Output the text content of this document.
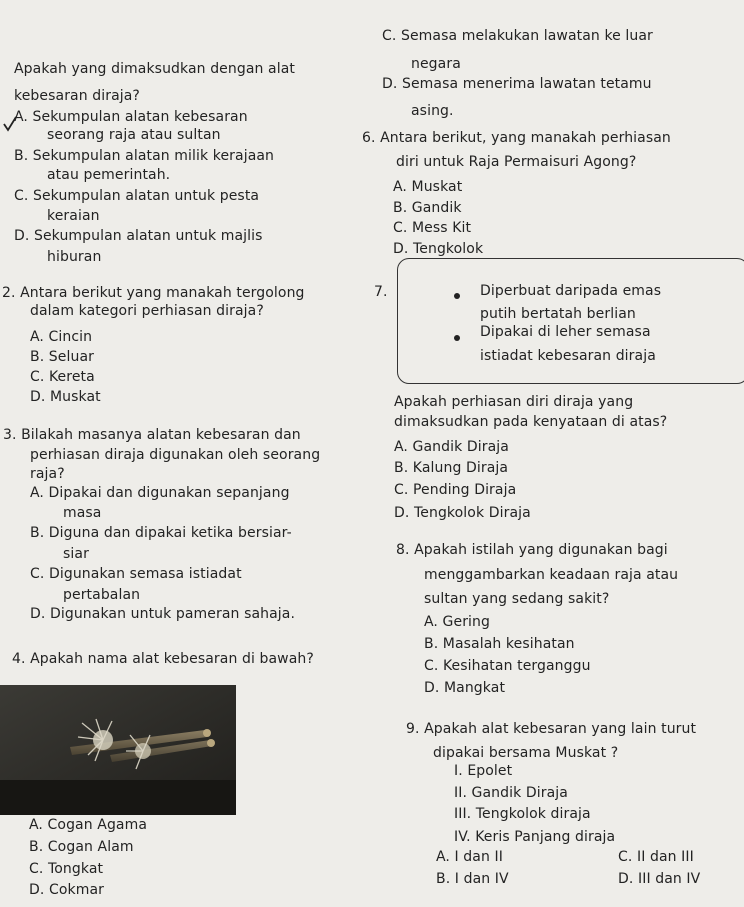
Apakah yang dimaksudkan dengan alat
kebesaran diraja?
A. Sekumpulan alatan kebesaran
seorang raja atau sultan
B. Sekumpulan alatan milik kerajaan
atau pemerintah.
C. Sekumpulan alatan untuk pesta
keraian
D. Sekumpulan alatan untuk majlis
hiburan
2. Antara berikut yang manakah tergolong
dalam kategori perhiasan diraja?
A. Cincin
B. Seluar
C. Kereta
D. Muskat
3. Bilakah masanya alatan kebesaran dan
perhiasan diraja digunakan oleh seorang
raja?
A. Dipakai dan digunakan sepanjang
masa
B. Diguna dan dipakai ketika bersiar-
siar
C. Digunakan semasa istiadat
pertabalan
D. Digunakan untuk pameran sahaja.
4. Apakah nama alat kebesaran di bawah?
A. Cogan Agama
B. Cogan Alam
C. Tongkat
D. Cokmar
C. Semasa melakukan lawatan ke luar
negara
D. Semasa menerima lawatan tetamu
asing.
6. Antara berikut, yang manakah perhiasan
diri untuk Raja Permaisuri Agong?
A. Muskat
B. Gandik
C. Mess Kit
D. Tengkolok
7.	Diperbuat daripada emas
putih bertatah berlian
Dipakai di leher semasa
istiadat kebesaran diraja
Apakah perhiasan diri diraja yang
dimaksudkan pada kenyataan di atas?
A. Gandik Diraja
B. Kalung Diraja
C. Pending Diraja
D. Tengkolok Diraja
8. Apakah istilah yang digunakan bagi
menggambarkan keadaan raja atau
sultan yang sedang sakit?
A. Gering
B. Masalah kesihatan
C. Kesihatan terganggu
D. Mangkat
9. Apakah alat kebesaran yang lain turut
dipakai bersama Muskat ?
I. Epolet
II. Gandik Diraja
III. Tengkolok diraja
IV. Keris Panjang diraja
A. I dan II
B. I dan IV
C. II dan III
D. III dan IV
